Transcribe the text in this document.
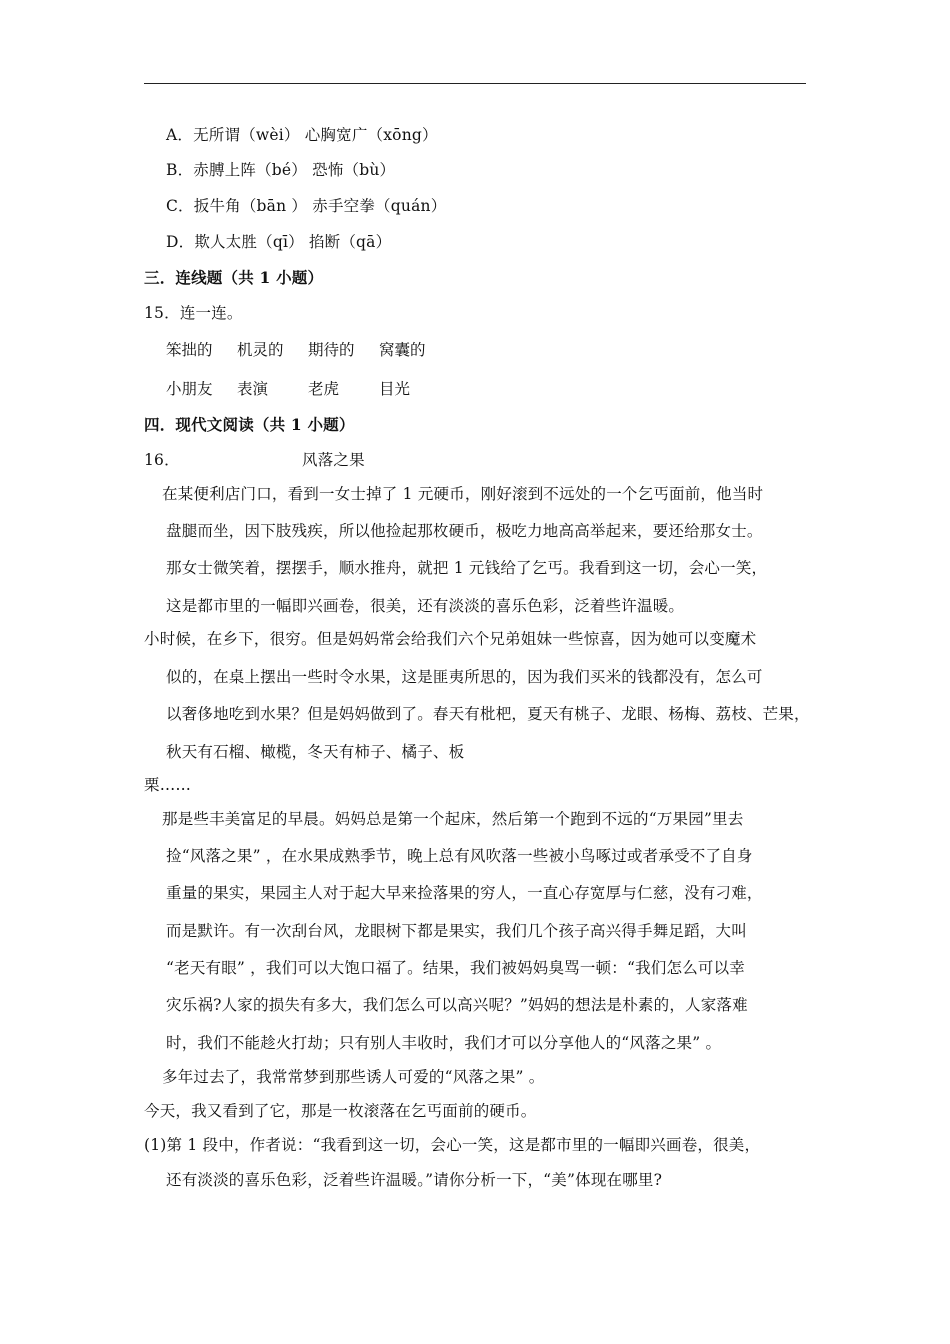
A．无所谓（wèi） 心胸宽广（xōng）
B．赤膊上阵（bé） 恐怖（bù）
C．扳牛角（bān ） 赤手空拳（quán）
D．欺人太胜（qī） 掐断（qā）
三．连线题（共 1 小题）
15．连一连。
笨拙的 机灵的 期待的 窝囊的
小朋友 表演	老虎	目光
四．现代文阅读（共 1 小题）
16．	风落之果
在某便利店门口，看到一女士掉了 1 元硬币，刚好滚到不远处的一个乞丐面前，他当时
盘腿而坐，因下肢残疾，所以他捡起那枚硬币，极吃力地高高举起来，要还给那女士。
那女士微笑着，摆摆手，顺水推舟，就把 1 元钱给了乞丐。我看到这一切，会心一笑，
这是都市里的一幅即兴画卷，很美，还有淡淡的喜乐色彩，泛着些许温暖。
小时候，在乡下，很穷。但是妈妈常会给我们六个兄弟姐妹一些惊喜，因为她可以变魔术
似的，在桌上摆出一些时令水果，这是匪夷所思的，因为我们买米的钱都没有，怎么可
以奢侈地吃到水果？但是妈妈做到了。春天有枇杷，夏天有桃子、龙眼、杨梅、荔枝、芒果，
秋天有石榴、橄榄，冬天有柿子、橘子、板
栗……
那是些丰美富足的早晨。妈妈总是第一个起床，然后第一个跑到不远的“万果园”里去
捡“风落之果” ，在水果成熟季节，晚上总有风吹落一些被小鸟啄过或者承受不了自身
重量的果实，果园主人对于起大早来捡落果的穷人，一直心存宽厚与仁慈，没有刁难，
而是默许。有一次刮台风，龙眼树下都是果实，我们几个孩子高兴得手舞足蹈，大叫
“老天有眼” ，我们可以大饱口福了。结果，我们被妈妈臭骂一顿：“我们怎么可以幸
灾乐祸?人家的损失有多大，我们怎么可以高兴呢？”妈妈的想法是朴素的，人家落难
时，我们不能趁火打劫；只有别人丰收时，我们才可以分享他人的“风落之果” 。
多年过去了，我常常梦到那些诱人可爱的“风落之果” 。
今天，我又看到了它，那是一枚滚落在乞丐面前的硬币。
(1)第 1 段中，作者说：“我看到这一切，会心一笑，这是都市里的一幅即兴画卷，很美，
还有淡淡的喜乐色彩，泛着些许温暖。”请你分析一下，“美”体现在哪里?
